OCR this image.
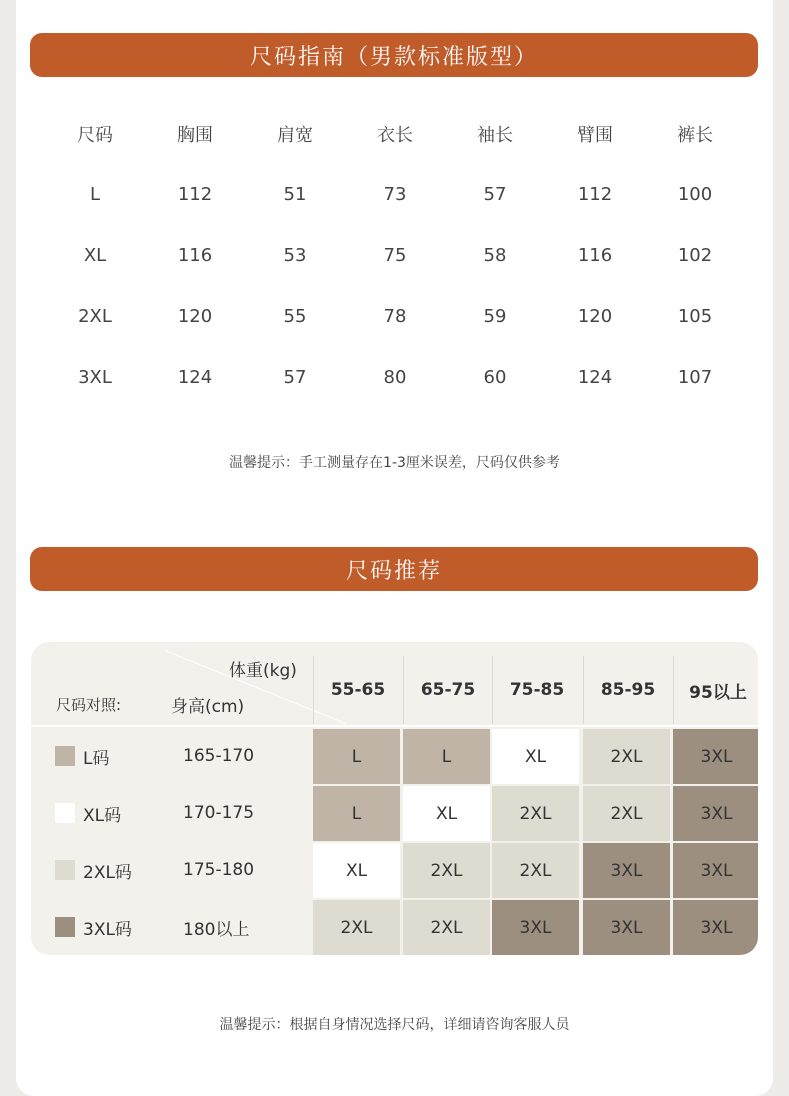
尺码指南（男款标准版型）
尺码	胸围	肩宽	衣长	袖长	臂围	裤长
L	112	51	73	57	112	100
XL	116	53	75	58	116	102
2XL	120	55	78	59	120	105
3XL	124	57	80	60	124	107
温馨提示：手工测量存在1-3厘米误差，尺码仅供参考
尺码推荐
体重(kg)
身高(cm)
尺码对照:
55-65	65-75	75-85	85-95	95以上
L码	165-170	L	L	XL	2XL	3XL
XL码	170-175	L	XL	2XL	2XL	3XL
2XL码	175-180	XL	2XL	2XL	3XL	3XL
3XL码	180以上	2XL	2XL	3XL	3XL	3XL
温馨提示：根据自身情况选择尺码，详细请咨询客服人员
